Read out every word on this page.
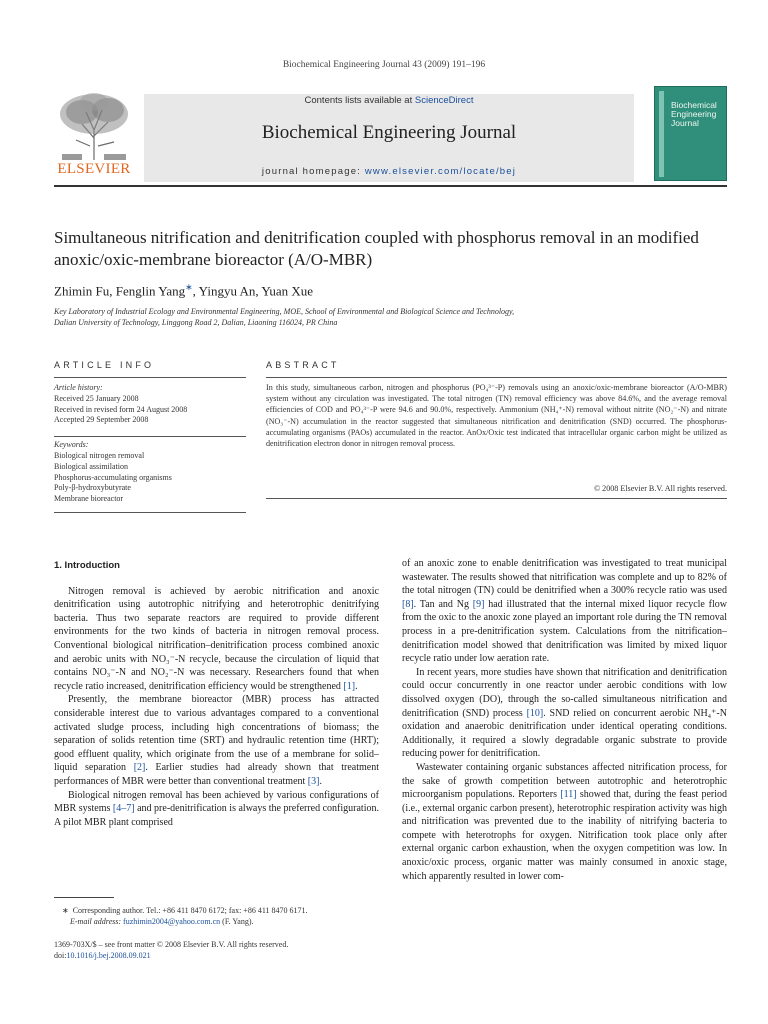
Biochemical Engineering Journal 43 (2009) 191–196
ELSEVIER
Contents lists available at ScienceDirect
Biochemical Engineering Journal
journal homepage: www.elsevier.com/locate/bej
Biochemical Engineering Journal
Simultaneous nitrification and denitrification coupled with phosphorus removal in an modified anoxic/oxic-membrane bioreactor (A/O-MBR)
Zhimin Fu, Fenglin Yang∗, Yingyu An, Yuan Xue
Key Laboratory of Industrial Ecology and Environmental Engineering, MOE, School of Environmental and Biological Science and Technology,
Dalian University of Technology, Linggong Road 2, Dalian, Liaoning 116024, PR China
ARTICLE INFO	ABSTRACT
Article history:
Received 25 January 2008
Received in revised form 24 August 2008
Accepted 29 September 2008
Keywords:
Biological nitrogen removal
Biological assimilation
Phosphorus-accumulating organisms
Poly-β-hydroxybutyrate
Membrane bioreactor
In this study, simultaneous carbon, nitrogen and phosphorus (PO₄³⁻-P) removals using an anoxic/oxic-membrane bioreactor (A/O-MBR) system without any circulation was investigated. The total nitrogen (TN) removal efficiency was above 84.6%, and the average removal efficiencies of COD and PO₄³⁻-P were 94.6 and 90.0%, respectively. Ammonium (NH₄⁺-N) removal without nitrite (NO₂⁻-N) and nitrate (NO₃⁻-N) accumulation in the reactor suggested that simultaneous nitrification and denitrification (SND) occurred. The phosphorus-accumulating organisms (PAOs) accumulated in the reactor. AnOx/Oxic test indicated that intracellular organic carbon might be utilized as denitrification electron donor in nitrogen removal process.
© 2008 Elsevier B.V. All rights reserved.
1. Introduction

Nitrogen removal is achieved by aerobic nitrification and anoxic denitrification using autotrophic nitrifying and heterotrophic denitrifying bacteria. Thus two separate reactors are required to provide different environments for the two kinds of bacteria in nitrogen removal process. Conventional biological nitrification–denitrification process combined anoxic and aerobic units with NO₃⁻-N recycle, because the circulation of liquid that contains NO₃⁻-N and NO₂⁻-N was necessary. Researchers found that when recycle ratio increased, denitrification efficiency would be strengthened [1].

Presently, the membrane bioreactor (MBR) process has attracted considerable interest due to various advantages compared to a conventional activated sludge process, including high concentrations of biomass; the separation of solids retention time (SRT) and hydraulic retention time (HRT); good effluent quality, which originate from the use of a membrane for solid–liquid separation [2]. Earlier studies had already shown that treatment performances of MBR were better than conventional treatment [3].

Biological nitrogen removal has been achieved by various configurations of MBR systems [4–7] and pre-denitrification is always the preferred configuration. A pilot MBR plant comprised

of an anoxic zone to enable denitrification was investigated to treat municipal wastewater. The results showed that nitrification was complete and up to 82% of the total nitrogen (TN) could be denitrified when a 300% recycle ratio was used [8]. Tan and Ng [9] had illustrated that the internal mixed liquor recycle flow from the oxic to the anoxic zone played an important role during the TN removal process in a pre-denitrification system. Calculations from the nitrification–denitrification model showed that denitrification was limited by mixed liquor recycle ratio under low aeration rate.

In recent years, more studies have shown that nitrification and denitrification could occur concurrently in one reactor under aerobic conditions with low dissolved oxygen (DO), through the so-called simultaneous nitrification and denitrification (SND) process [10]. SND relied on concurrent aerobic NH₄⁺-N oxidation and anaerobic denitrification under identical operating conditions. Additionally, it required a slowly degradable organic substrate to provide reducing power for denitrification.

Wastewater containing organic substances affected nitrification process, for the sake of growth competition between autotrophic and heterotrophic microorganism populations. Reporters [11] showed that, during the feast period (i.e., external organic carbon present), heterotrophic respiration activity was high and nitrification was prevented due to the inability of nitrifying bacteria to compete with heterotrophs for oxygen. Nitrification took place only after external organic carbon exhaustion, when the oxygen competition was low. In anoxic/oxic process, organic matter was mainly consumed in anoxic stage, which apparently resulted in lower com-

∗ Corresponding author. Tel.: +86 411 8470 6172; fax: +86 411 8470 6171.
E-mail address: fuzhimin2004@yahoo.com.cn (F. Yang).
1369-703X/$ – see front matter © 2008 Elsevier B.V. All rights reserved.
doi:10.1016/j.bej.2008.09.021
